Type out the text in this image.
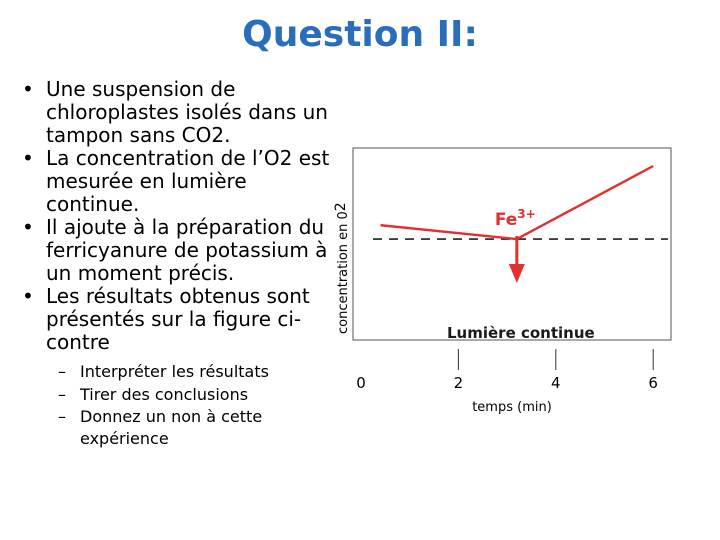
Question II:
• Une suspension de chloroplastes isolés dans un tampon sans CO2.
• La concentration de l’O2 est mesurée en lumière continue.
• Il ajoute à la préparation du ferricyanure de potassium à un moment précis.
• Les résultats obtenus sont présentés sur la figure ci-contre
– Interpréter les résultats
– Tirer des conclusions
– Donnez un non à cette expérience
concentration en 02
$Fe^{3+}$
Lumière continue
0	2	4	6
temps (min)
